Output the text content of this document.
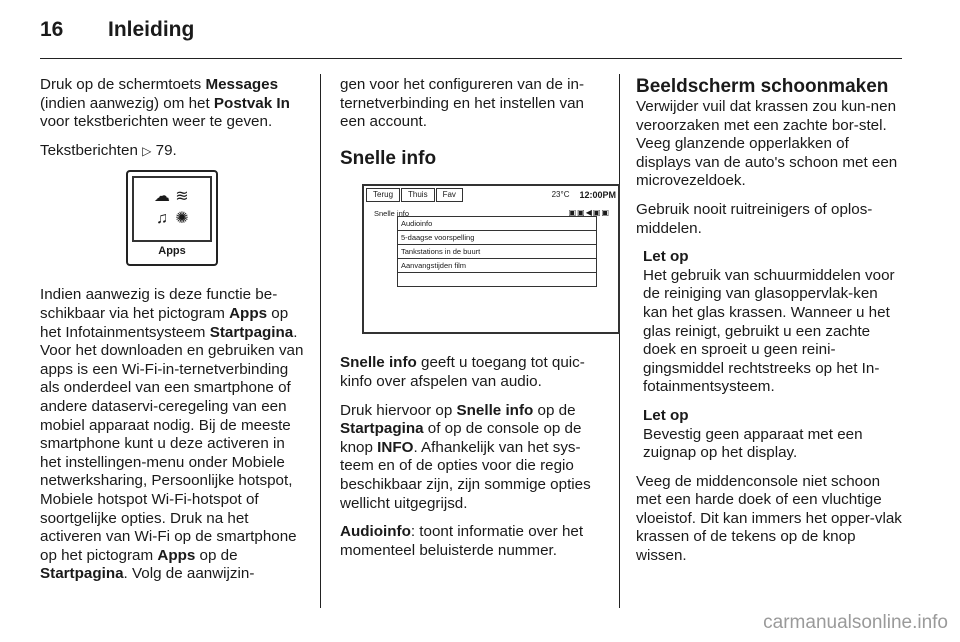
16 Inleiding

Druk op de schermtoets Messages (indien aanwezig) om het Postvak In voor tekstberichten weer te geven.

Tekstberichten ▷ 79.

☁ ≋
♫ ✺
Apps

Indien aanwezig is deze functie be-schikbaar via het pictogram Apps op het Infotainmentsysteem Startpagina. Voor het downloaden en gebruiken van apps is een Wi-Fi-in-ternetverbinding als onderdeel van een smartphone of andere dataservi-ceregeling van een mobiel apparaat nodig. Bij de meeste smartphone kunt u deze activeren in het instellingen-menu onder Mobiele netwerksharing, Persoonlijke hotspot, Mobiele hotspot Wi-Fi-hotspot of soortgelijke opties. Druk na het activeren van Wi-Fi op de smartphone op het pictogram Apps op de Startpagina. Volg de aanwijzin-

gen voor het configureren van de in-ternetverbinding en het instellen van een account.

Snelle info
Terug	Thuis	Fav	23°C 12:00PM
Snelle info	▣▣◀▣▣
Audioinfo
5-daagse voorspelling
Tankstations in de buurt
Aanvangstijden film

Snelle info geeft u toegang tot quic-kinfo over afspelen van audio.

Druk hiervoor op Snelle info op de Startpagina of op de console op de knop INFO. Afhankelijk van het sys-teem en of de opties voor die regio beschikbaar zijn, zijn sommige opties wellicht uitgegrijsd.

Audioinfo: toont informatie over het momenteel beluisterde nummer.

Beeldscherm schoonmaken

Verwijder vuil dat krassen zou kun-nen veroorzaken met een zachte bor-stel. Veeg glanzende opperlakken of displays van de auto's schoon met een microvezeldoek.

Gebruik nooit ruitreinigers of oplos-middelen.

Let op
Het gebruik van schuurmiddelen voor de reiniging van glasoppervlak-ken kan het glas krassen. Wanneer u het glas reinigt, gebruikt u een zachte doek en sproeit u geen reini-gingsmiddel rechtstreeks op het In-fotainmentsysteem.
Let op
Bevestig geen apparaat met een zuignap op het display.

Veeg de middenconsole niet schoon met een harde doek of een vluchtige vloeistof. Dit kan immers het opper-vlak krassen of de tekens op de knop wissen.

carmanualsonline.info
